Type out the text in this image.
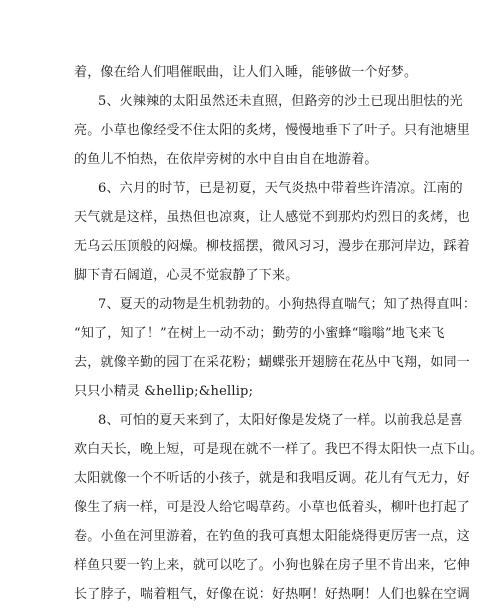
着，像在给人们唱催眠曲，让人们入睡，能够做一个好梦。
5、火辣辣的太阳虽然还未直照，但路旁的沙土已现出胆怯的光
亮。小草也像经受不住太阳的炙烤，慢慢地垂下了叶子。只有池塘里
的鱼儿不怕热，在依岸旁树的水中自由自在地游着。
6、六月的时节，已是初夏，天气炎热中带着些许清凉。江南的
天气就是这样，虽热但也凉爽，让人感觉不到那灼灼烈日的炙烤，也
无乌云压顶般的闷燥。柳枝摇摆，微风习习，漫步在那河岸边，踩着
脚下青石阔道，心灵不觉寂静了下来。
7、夏天的动物是生机勃勃的。小狗热得直喘气；知了热得直叫：
“知了，知了！”在树上一动不动；勤劳的小蜜蜂“嗡嗡”地飞来飞
去，就像辛勤的园丁在采花粉；蝴蝶张开翅膀在花丛中飞翔，如同一
只只小精灵 &hellip;&hellip;
8、可怕的夏天来到了，太阳好像是发烧了一样。以前我总是喜
欢白天长，晚上短，可是现在就不一样了。我巴不得太阳快一点下山。
太阳就像一个不听话的小孩子，就是和我唱反调。花儿有气无力，好
像生了病一样，可是没人给它喝草药。小草也低着头，柳叶也打起了
卷。小鱼在河里游着，在钓鱼的我可真想太阳能烧得更厉害一点，这
样鱼只要一钓上来，就可以吃了。小狗也躲在房子里不肯出来，它伸
长了脖子，喘着粗气，好像在说：好热啊！好热啊！人们也躲在空调
